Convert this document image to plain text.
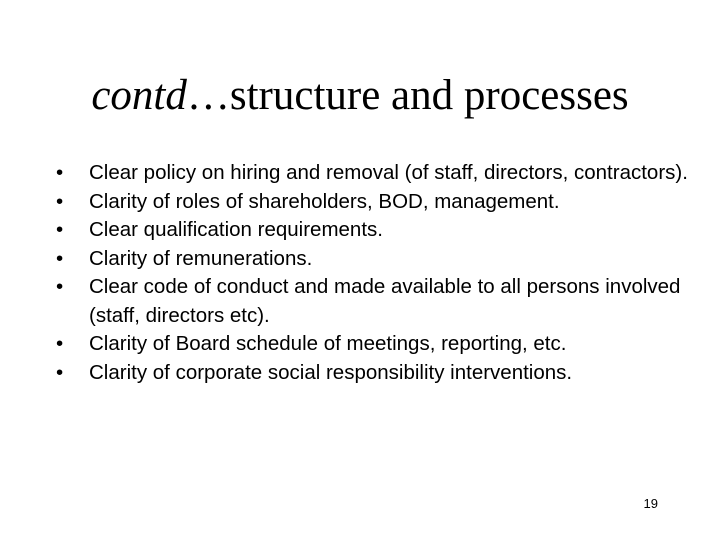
contd…structure and processes
•	Clear policy on hiring and removal (of staff, directors, contractors).
•	Clarity of roles of shareholders, BOD, management.
•	Clear qualification requirements.
•	Clarity of remunerations.
•	Clear code of conduct and made available to all persons involved (staff, directors etc).
•	Clarity of Board schedule of meetings, reporting, etc.
•	Clarity of corporate social responsibility interventions.
19
